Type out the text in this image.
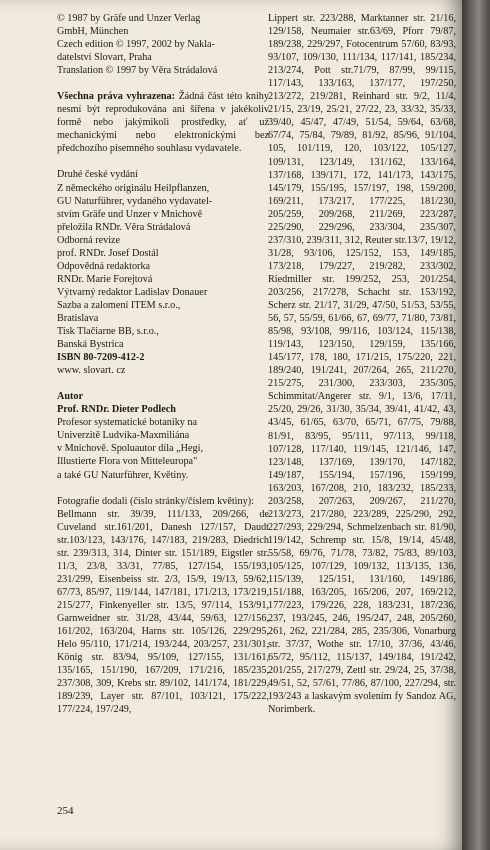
© 1987 by Gräfe und Unzer Verlag

GmbH, München

Czech edition © 1997, 2002 by Nakla-

datelství Slovart, Praha

Translation © 1997 by Věra Strádalová

Všechna práva vyhrazena: Žádná část této knihy nesmí být reprodukována ani šířena v jakékoliv formě nebo jakýmikoli prostředky, ať už mechanickými nebo elektronickými bez předchozího písemného souhlasu vydavatele.

Druhé české vydání

Z německého originálu Heilpflanzen,

GU Naturführer, vydaného vydavatel-

stvím Gräfe und Unzer v Mnichově

přeložila RNDr. Věra Strádalová

Odborná revize

prof. RNDr. Josef Dostál

Odpovědná redaktorka

RNDr. Marie Forejtová

Výtvarný redaktor Ladislav Donauer

Sazba a zalomení ITEM s.r.o.,

Bratislava

Tisk Tlačiarne BB, s.r.o.,

Banská Bystrica

ISBN 80-7209-412-2

www. slovart. cz

Autor

Prof. RNDr. Dieter Podlech

Profesor systematické botaniky na

Univerzitě Ludvíka-Maxmiliána

v Mnichově. Spoluautor díla „Hegi,

Illustierte Flora von Mitteleuropa"

a také GU Naturführer, Květiny.

Fotografie dodali (číslo stránky/číslem květiny):

Bellmann str. 39/39, 111/133, 209/266, de Cuveland str.161/201, Danesh 127/157, Daudt str.103/123, 143/176, 147/183, 219/283, Diedrich str. 239/313, 314, Dinter str. 151/189, Eigstler str. 11/3, 23/8, 33/31, 77/85, 127/154, 155/193, 231/299, Eisenbeiss str. 2/3, 15/9, 19/13, 59/62, 67/73, 85/97, 119/144, 147/181, 171/213, 173/219, 215/277, Finkenyeller str. 13/5, 97/114, 153/91, Garnweidner str. 31/28, 43/44, 59/63, 127/156, 161/202, 163/204, Harns str. 105/126, 229/295, Helo 95/110, 171/214, 193/244, 203/257, 231/301, König str. 83/94, 95/109, 127/155, 131/161, 135/165, 151/190, 167/209, 171/216, 185/235, 237/308, 309, Krebs str. 89/102, 141/174, 181/229, 189/239, Layer str. 87/101, 103/121, 175/222, 177/224, 197/249,

Lippert str. 223/288, Marktanner str. 21/16, 129/158, Neumaier str.63/69, Pforr 79/87, 189/238, 229/297, Fotocentrum 57/60, 83/93, 93/107, 109/130, 111/134, 117/141, 185/234, 213/274, Pott str.71/79, 87/99, 99/115, 117/143, 133/163, 137/177, 197/250, 213/272, 219/281, Reinhard str. 9/2, 11/4, 21/15, 23/19, 25/21, 27/22, 23, 33/32, 35/33, 39/40, 45/47, 47/49, 51/54, 59/64, 63/68, 67/74, 75/84, 79/89, 81/92, 85/96, 91/104, 105, 101/119, 120, 103/122, 105/127, 109/131, 123/149, 131/162, 133/164, 137/168, 139/171, 172, 141/173, 143/175, 145/179, 155/195, 157/197, 198, 159/200, 169/211, 173/217, 177/225, 181/230, 205/259, 209/268, 211/269, 223/287, 225/290, 229/296, 233/304, 235/307, 237/310, 239/311, 312, Reuter str.13/7, 19/12, 31/28, 93/106, 125/152, 153, 149/185, 173/218, 179/227, 219/282, 233/302, Riedmiller str. 199/252, 253, 201/254, 203/256, 217/278, Schacht str. 153/192, Scherz str. 21/17, 31/29, 47/50, 51/53, 53/55, 56, 57, 55/59, 61/66, 67, 69/77, 71/80, 73/81, 85/98, 93/108, 99/116, 103/124, 115/138, 119/143, 123/150, 129/159, 135/166, 145/177, 178, 180, 171/215, 175/220, 221, 189/240, 191/241, 207/264, 265, 211/270, 215/275, 231/300, 233/303, 235/305, Schimmitat/Angerer str. 9/1, 13/6, 17/11, 25/20, 29/26, 31/30, 35/34, 39/41, 41/42, 43, 43/45, 61/65, 63/70, 65/71, 67/75, 79/88, 81/91, 83/95, 95/111, 97/113, 99/118, 107/128, 117/140, 119/145, 121/146, 147, 123/148, 137/169, 139/170, 147/182, 149/187, 155/194, 157/196, 159/199, 163/203, 167/208, 210, 183/232, 185/233, 203/258, 207/263, 209/267, 211/270, 213/273, 217/280, 223/289, 225/290, 292, 227/293, 229/294, Schmelzenbach str. 81/90, 119/142, Schremp str. 15/8, 19/14, 45/48, 55/58, 69/76, 71/78, 73/82, 75/83, 89/103, 105/125, 107/129, 109/132, 113/135, 136, 115/139, 125/151, 131/160, 149/186, 151/188, 163/205, 165/206, 207, 169/212, 177/223, 179/226, 228, 183/231, 187/236, 237, 193/245, 246, 195/247, 248, 205/260, 261, 262, 221/284, 285, 235/306, Vonarburg str. 37/37, Wothe str. 17/10, 37/36, 43/46, 65/72, 95/112, 115/137, 149/184, 191/242, 201/255, 217/279, Zettl str. 29/24, 25, 37/38, 49/51, 52, 57/61, 77/86, 87/100, 227/294, str. 193/243 a laskavým svolením fy Sandoz AG, Norimberk.

254
